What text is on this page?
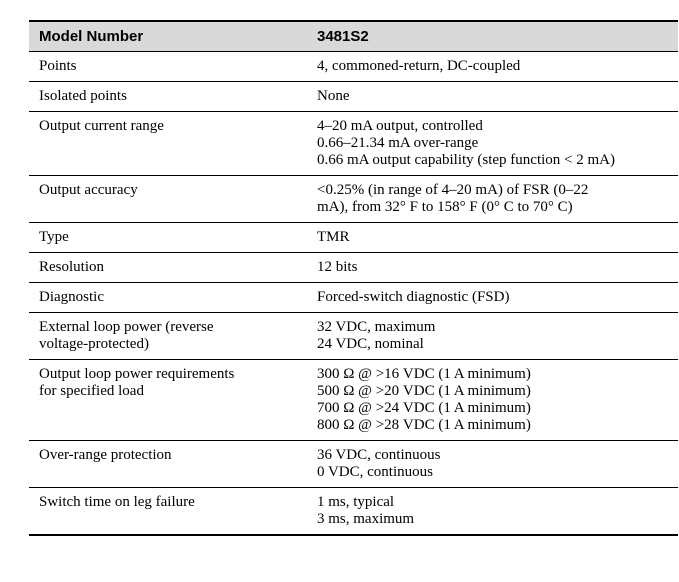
Model Number	3481S2

Points	4, commoned-return, DC-coupled

Isolated points	None

Output current range	4–20 mA output, controlled
0.66–21.34 mA over-range
0.66 mA output capability (step function < 2 mA)

Output accuracy	<0.25% (in range of 4–20 mA) of FSR (0–22
mA), from 32° F to 158° F (0° C to 70° C)

Type	TMR

Resolution	12 bits

Diagnostic	Forced-switch diagnostic (FSD)

External loop power (reverse
voltage-protected)	32 VDC, maximum
24 VDC, nominal

Output loop power requirements
for specified load	300 Ω @ >16 VDC (1 A minimum)
500 Ω @ >20 VDC (1 A minimum)
700 Ω @ >24 VDC (1 A minimum)
800 Ω @ >28 VDC (1 A minimum)

Over-range protection	36 VDC, continuous
0 VDC, continuous

Switch time on leg failure	1 ms, typical
3 ms, maximum
